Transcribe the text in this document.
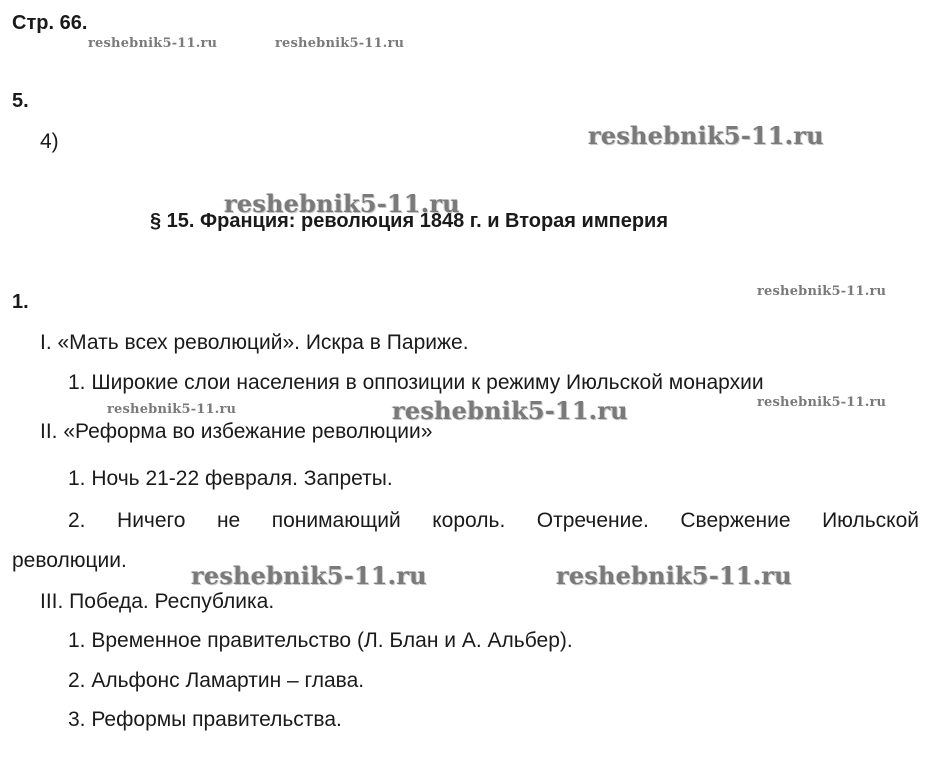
Стр. 66.
5.
4)
§ 15. Франция: революция 1848 г. и Вторая империя
1.
I. «Мать всех революций». Искра в Париже.
1. Широкие слои населения в оппозиции к режиму Июльской монархии
II. «Реформа во избежание революции»
1. Ночь 21-22 февраля. Запреты.
2. Ничего не понимающий король. Отречение. Свержение Июльской
революции.
III. Победа. Республика.
1. Временное правительство (Л. Блан и А. Альбер).
2. Альфонс Ламартин – глава.
3. Реформы правительства.
reshebnik5-11.ru	reshebnik5-11.ru
reshebnik5-11.ru
reshebnik5-11.ru
reshebnik5-11.ru
reshebnik5-11.ru	reshebnik5-11.ru	reshebnik5-11.ru
reshebnik5-11.ru	reshebnik5-11.ru
